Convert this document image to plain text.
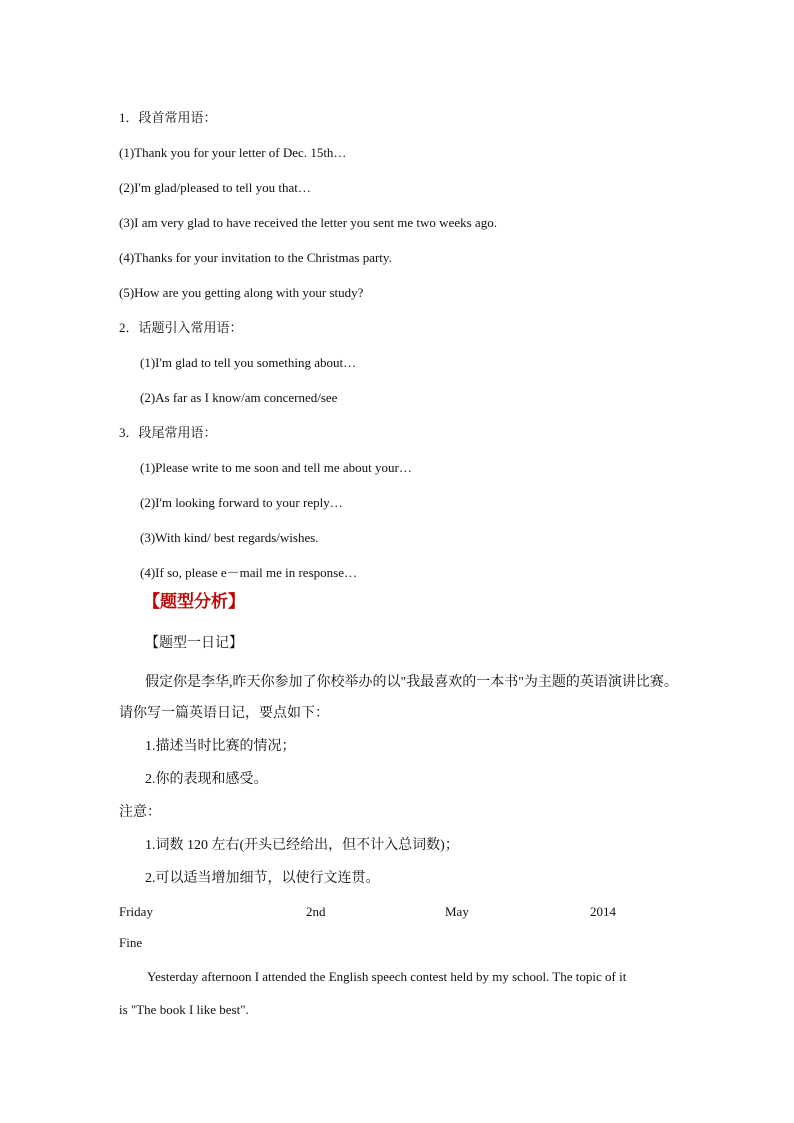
1．段首常用语：
(1)Thank you for your letter of Dec. 15th…
(2)I'm glad/pleased to tell you that…
(3)I am very glad to have received the letter you sent me two weeks ago.
(4)Thanks for your invitation to the Christmas party.
(5)How are you getting along with your study?
2．话题引入常用语：
(1)I'm glad to tell you something about…
(2)As far as I know/am concerned/see
3．段尾常用语：
(1)Please write to me soon and tell me about your…
(2)I'm looking forward to your reply…
(3)With kind/ best regards/wishes.
(4)If so, please e－mail me in response…
【题型分析】
【题型一日记】
假定你是李华,昨天你参加了你校举办的以"我最喜欢的一本书"为主题的英语演讲比赛。
请你写一篇英语日记，要点如下：
1.描述当时比赛的情况；
2.你的表现和感受。
注意：
1.词数 120 左右(开头已经给出，但不计入总词数)；
2.可以适当增加细节，以使行文连贯。
Friday	2nd	May	2014
Fine
Yesterday afternoon I attended the English speech contest held by my school. The topic of it
is "The book I like best".
